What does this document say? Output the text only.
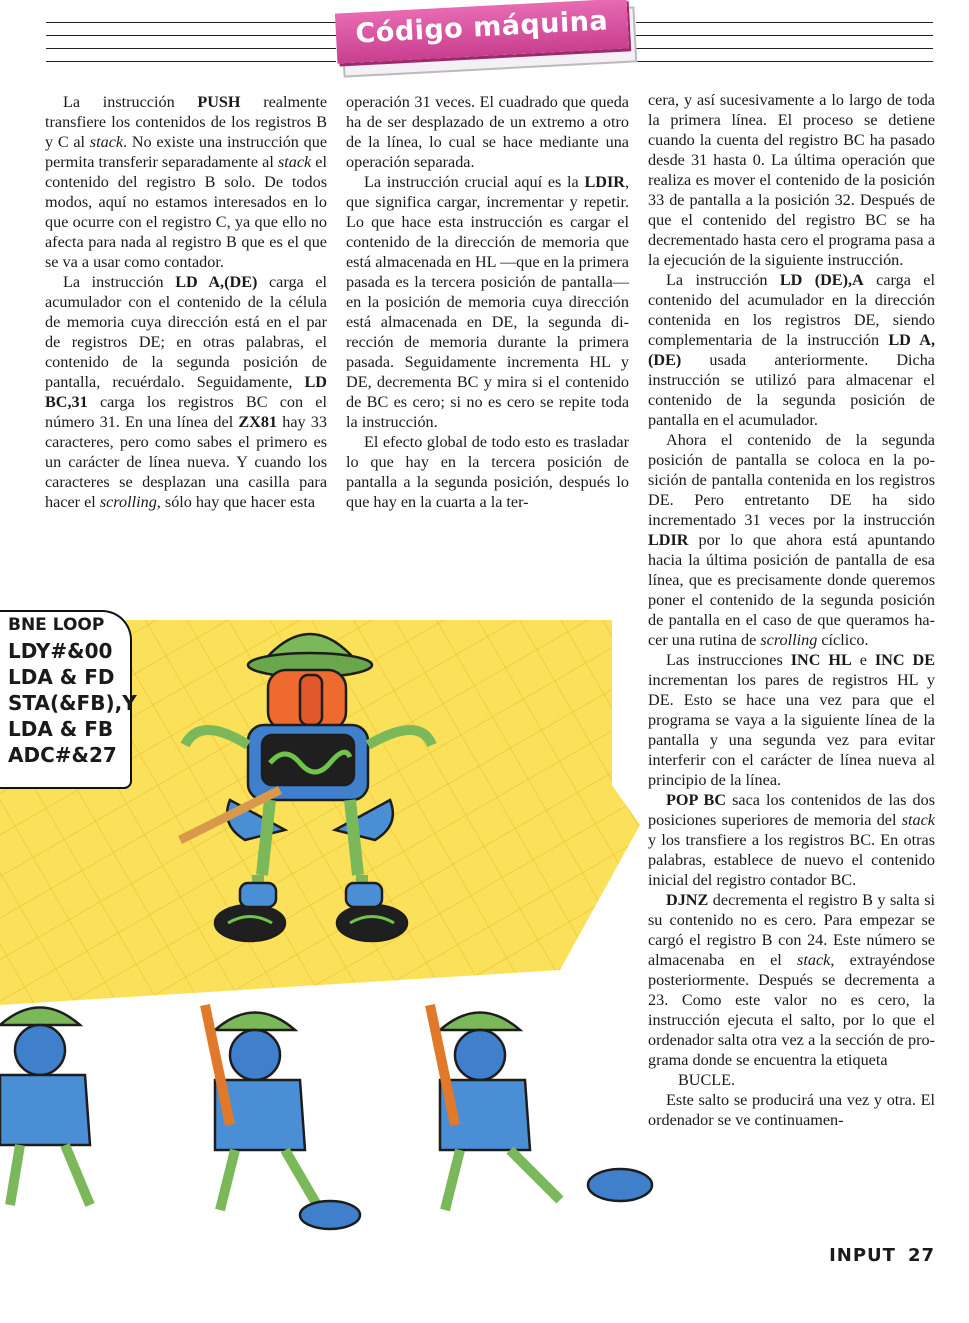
Código máquina
BNE LOOP
LDY#&00
LDA & FD
STA(&FB),Y
LDA & FB
ADC#&27

La instrucción PUSH realmente transfiere los contenidos de los registros B y C al stack. No existe una instrucción que permita transferir separadamente al stack el contenido del registro B solo. De todos modos, aquí no estamos interesados en lo que ocurre con el registro C, ya que ello no afecta para nada al registro B que es el que se va a usar como contador.

La instrucción LD A,(DE) carga el acumulador con el contenido de la célula de memoria cuya dirección está en el par de registros DE; en otras palabras, el contenido de la segunda posición de pantalla, recuérdalo. Seguidamente, LD BC,31 carga los registros BC con el número 31. En una línea del ZX81 hay 33 caracteres, pero como sabes el primero es un carácter de línea nueva. Y cuando los caracteres se desplazan una casilla para hacer el scrolling, sólo hay que hacer esta

operación 31 veces. El cuadrado que queda ha de ser desplazado de un extremo a otro de la línea, lo cual se hace mediante una operación separada.

La instrucción crucial aquí es la LDIR, que significa cargar, incrementar y repetir. Lo que hace esta instrucción es cargar el contenido de la dirección de memoria que está almacenada en HL —que en la primera pasada es la tercera posición de pantalla— en la posición de memoria cuya dirección está almacenada en DE, la segunda dirección de memoria durante la primera pasada. Seguidamente incrementa HL y DE, decrementa BC y mira si el contenido de BC es cero; si no es cero se repite toda la instrucción.

El efecto global de todo esto es trasladar lo que hay en la tercera posición de pantalla a la segunda posición, después lo que hay en la cuarta a la ter-

cera, y así sucesivamente a lo largo de toda la primera línea. El proceso se detiene cuando la cuenta del registro BC ha pasado desde 31 hasta 0. La última operación que realiza es mover el contenido de la posición 33 de pantalla a la posición 32. Después de que el contenido del registro BC se ha decrementado hasta cero el programa pasa a la ejecución de la siguiente instrucción.

La instrucción LD (DE),A carga el contenido del acumulador en la dirección contenida en los registros DE, siendo complementaria de la instrucción LD A, (DE) usada anteriormente. Dicha instrucción se utilizó para almacenar el contenido de la segunda posición de pantalla en el acumulador.

Ahora el contenido de la segunda posición de pantalla se coloca en la posición de pantalla contenida en los registros DE. Pero entretanto DE ha sido incrementado 31 veces por la instrucción LDIR por lo que ahora está apuntando hacia la última posición de pantalla de esa línea, que es precisamente donde queremos poner el contenido de la segunda posición de pantalla en el caso de que queramos hacer una rutina de scrolling cíclico.

Las instrucciones INC HL e INC DE incrementan los pares de registros HL y DE. Esto se hace una vez para que el programa se vaya a la siguiente línea de la pantalla y una segunda vez para evitar interferir con el carácter de línea nueva al principio de la línea.

POP BC saca los contenidos de las dos posiciones superiores de memoria del stack y los transfiere a los registros BC. En otras palabras, establece de nuevo el contenido inicial del registro contador BC.

DJNZ decrementa el registro B y salta si su contenido no es cero. Para empezar se cargó el registro B con 24. Este número se almacenaba en el stack, extrayéndose posteriormente. Después se decrementa a 23. Como este valor no es cero, la instrucción ejecuta el salto, por lo que el ordenador salta otra vez a la sección de programa donde se encuentra la etiqueta

BUCLE.

Este salto se producirá una vez y otra. El ordenador se ve continuamen-

INPUT 27
